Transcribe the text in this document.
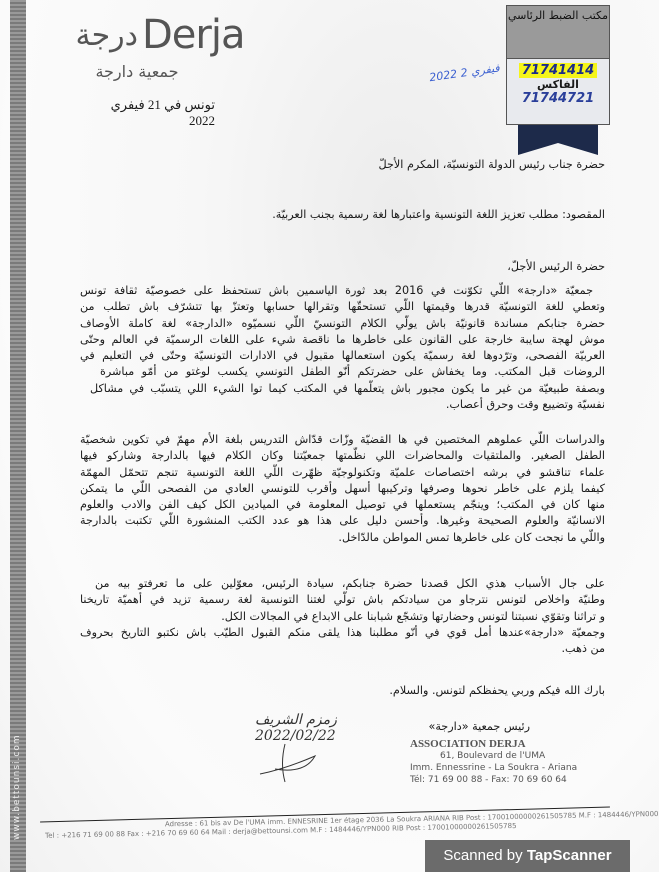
www.bettounsi.com
Derja
درجة
جمعية دارجة
تونس في 21 فيفري 2022
مكتب الضبط الرئاسي
71741414
الفاكس
71744721
2022 فيفري 2
حضرة جناب رئيس الدولة التونسيّة، المكرم الأجلّ
المقصود: مطلب تعزيز اللغة التونسية واعتبارها لغة رسمية بجنب العربيّة.
حضرة الرئيس الأجلّ،
جمعيّة «دارجة» اللّي تكوّنت في 2016 بعد ثورة الياسمين باش تستحفظ على خصوصيّة ثقافة تونس
وتعطي للغة التونسيّة قدرها وقيمتها اللّي تستحقّها وتقرالها حسابها وتعتزّ بها تتشرّف باش تطلب من
حضرة جنابكم مساندة قانونيّة باش يولّي الكلام التونسيّ اللّي نسميّوه «الدارجة» لغة كاملة الأوصاف
موش لهجة سايبة خارجة على القانون على خاطرها ما ناقصة شيء على اللغات الرسميّة في العالم وحتّى
العربيّة الفصحى، وترّدوها لغة رسميّة يكون استعمالها مقبول في الادارات التونسيّة وحتّى في التعليم في
الروضات قبل المكتب. وما يخفاش على حضرتكم أنّو الطفل التونسي يكسب لوغتو من أمّو مباشرة
وبصفة طبيعيّة من غير ما يكون مجبور باش يتعلّمها في المكتب كيما توا الشيء اللي يتسبّب في مشاكل
نفسيّة وتضييع وقت وحرق أعصاب.
والدراسات اللّي عملوهم المختصين في ها القضيّة وزّات قدّاش التدريس بلغة الأم مهمّ في تكوين شخصيّة
الطفل الصغير. والملتقيات والمحاضرات اللي نظّمتها جمعيّتنا وكان الكلام فيها بالدارجة وشاركو فيها
علماء تناقشو في برشه اختصاصات علميّة وتكنولوجيّة ظهّرت اللّي اللغة التونسية تنجم تتحمّل المهمّة
كيفما يلزم على خاطر نحوها وصرفها وتركيبها أسهل وأقرب للتونسي العادي من الفصحى اللّي ما يتمكن
منها كان في المكتب؛ وينجّم يستعملها في توصيل المعلومة في الميادين الكل كيف الفن والادب والعلوم
الانسانيّة والعلوم الصحيحة وغيرها. وأحسن دليل على هذا هو عدد الكتب المنشورة اللّي تكتبت بالدارجة
واللّي ما نجحت كان على خاطرها تمس المواطن مالدّاخل.
على جال الأسباب هذي الكل قصدنا حضرة جنابكم، سيادة الرئيس، معوّلين على ما تعرفتو بيه من
وطنيّة واخلاص لتونس نترجاو من سيادتكم باش تولّي لغتنا التونسية لغة رسمية تزيد في أهميّة تاريخنا
و تراثنا وتقوّي نسبتنا لتونس وحضارتها وتشجّع شبابنا على الابداع في المجالات الكل.
وجمعيّة «دارجة»عندها أمل قوي في أنّو مطلبنا هذا يلقى منكم القبول الطيّب باش نكتبو التاريخ بحروف
من ذهب.
بارك الله فيكم وربي يحفظكم لتونس. والسلام.
زمزم الشريف
2022/02/22
رئيس جمعية «دارجة»
ASSOCIATION DERJA
61, Boulevard de l'UMA
Imm. Ennessrine - La Soukra - Ariana
Tél: 71 69 00 88 - Fax: 70 69 60 64
Adresse : 61 bis av De l'UMA imm. ENNESRINE 1er étage 2036 La Soukra ARIANA RIB Post : 17001000000261505785 M.F : 1484446/YPN000
Tel : +216 71 69 00 88 Fax : +216 70 69 60 64 Mail : derja@bettounsi.com M.F : 1484446/YPN000 RIB Post : 17001000000261505785
Scanned by TapScanner
